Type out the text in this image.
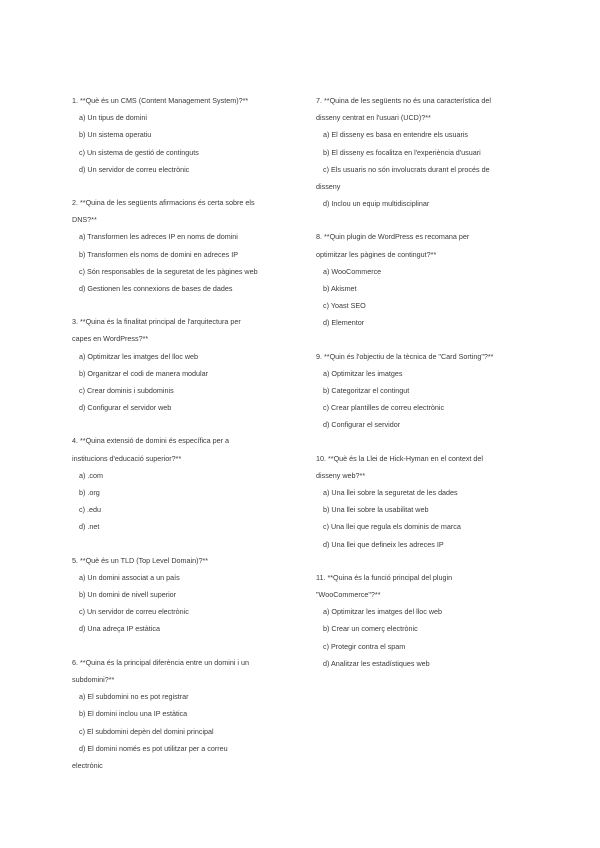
1. **Què és un CMS (Content Management System)?**

a) Un tipus de domini

b) Un sistema operatiu

c) Un sistema de gestió de continguts

d) Un servidor de correu electrònic

2. **Quina de les següents afirmacions és certa sobre els

DNS?**

a) Transformen les adreces IP en noms de domini

b) Transformen els noms de domini en adreces IP

c) Són responsables de la seguretat de les pàgines web

d) Gestionen les connexions de bases de dades

3. **Quina és la finalitat principal de l'arquitectura per

capes en WordPress?**

a) Optimitzar les imatges del lloc web

b) Organitzar el codi de manera modular

c) Crear dominis i subdominis

d) Configurar el servidor web

4. **Quina extensió de domini és específica per a

institucions d'educació superior?**

a) .com

b) .org

c) .edu

d) .net

5. **Què és un TLD (Top Level Domain)?**

a) Un domini associat a un país

b) Un domini de nivell superior

c) Un servidor de correu electrònic

d) Una adreça IP estàtica

6. **Quina és la principal diferència entre un domini i un

subdomini?**

a) El subdomini no es pot registrar

b) El domini inclou una IP estàtica

c) El subdomini depèn del domini principal

d) El domini només es pot utilitzar per a correu

electrònic

7. **Quina de les següents no és una característica del

disseny centrat en l'usuari (UCD)?**

a) El disseny es basa en entendre els usuaris

b) El disseny es focalitza en l'experiència d'usuari

c) Els usuaris no són involucrats durant el procés de

disseny

d) Inclou un equip multidisciplinar

8. **Quin plugin de WordPress es recomana per

optimitzar les pàgines de contingut?**

a) WooCommerce

b) Akismet

c) Yoast SEO

d) Elementor

9. **Quin és l'objectiu de la tècnica de "Card Sorting"?**

a) Optimitzar les imatges

b) Categoritzar el contingut

c) Crear plantilles de correu electrònic

d) Configurar el servidor

10. **Què és la Llei de Hick-Hyman en el context del

disseny web?**

a) Una llei sobre la seguretat de les dades

b) Una llei sobre la usabilitat web

c) Una llei que regula els dominis de marca

d) Una llei que defineix les adreces IP

11. **Quina és la funció principal del plugin

"WooCommerce"?**

a) Optimitzar les imatges del lloc web

b) Crear un comerç electrònic

c) Protegir contra el spam

d) Analitzar les estadístiques web
